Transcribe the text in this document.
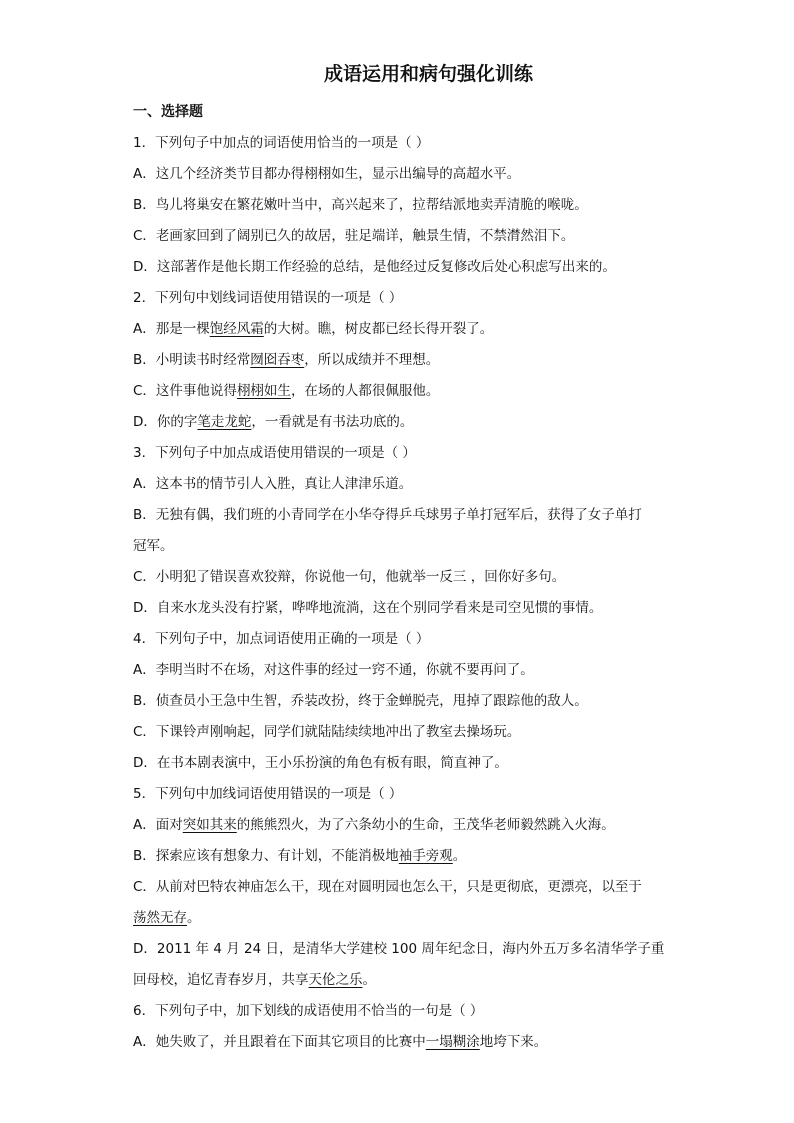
成语运用和病句强化训练
一、选择题
1．下列句子中加点的词语使用恰当的一项是（ ）
A．这几个经济类节目都办得栩栩如生，显示出编导的高超水平。
B．鸟儿将巢安在繁花嫩叶当中，高兴起来了，拉帮结派地卖弄清脆的喉咙。
C．老画家回到了阔别已久的故居，驻足端详，触景生情，不禁潸然泪下。
D．这部著作是他长期工作经验的总结，是他经过反复修改后处心积虑写出来的。
2．下列句中划线词语使用错误的一项是（ ）
A．那是一棵饱经风霜的大树。瞧，树皮都已经长得开裂了。
B．小明读书时经常囫囵吞枣，所以成绩并不理想。
C．这件事他说得栩栩如生，在场的人都很佩服他。
D．你的字笔走龙蛇，一看就是有书法功底的。
3．下列句子中加点成语使用错误的一项是（ ）
A．这本书的情节引人入胜，真让人津津乐道。
B．无独有偶，我们班的小青同学在小华夺得乒乓球男子单打冠军后，获得了女子单打
冠军。
C．小明犯了错误喜欢狡辩，你说他一句，他就举一反三 ，回你好多句。
D．自来水龙头没有拧紧，哗哗地流淌，这在个别同学看来是司空见惯的事情。
4．下列句子中，加点词语使用正确的一项是（ ）
A．李明当时不在场，对这件事的经过一窍不通，你就不要再问了。
B．侦查员小王急中生智，乔装改扮，终于金蝉脱壳，甩掉了跟踪他的敌人。
C．下课铃声刚响起，同学们就陆陆续续地冲出了教室去操场玩。
D．在书本剧表演中，王小乐扮演的角色有板有眼，简直神了。
5．下列句中加线词语使用错误的一项是（ ）
A．面对突如其来的熊熊烈火，为了六条幼小的生命，王茂华老师毅然跳入火海。
B．探索应该有想象力、有计划，不能消极地袖手旁观。
C．从前对巴特农神庙怎么干，现在对圆明园也怎么干，只是更彻底，更漂亮，以至于
荡然无存。
D．2011 年 4 月 24 日，是清华大学建校 100 周年纪念日，海内外五万多名清华学子重
回母校，追忆青春岁月，共享天伦之乐。
6．下列句子中，加下划线的成语使用不恰当的一句是（ ）
A．她失败了，并且跟着在下面其它项目的比赛中一塌糊涂地垮下来。
